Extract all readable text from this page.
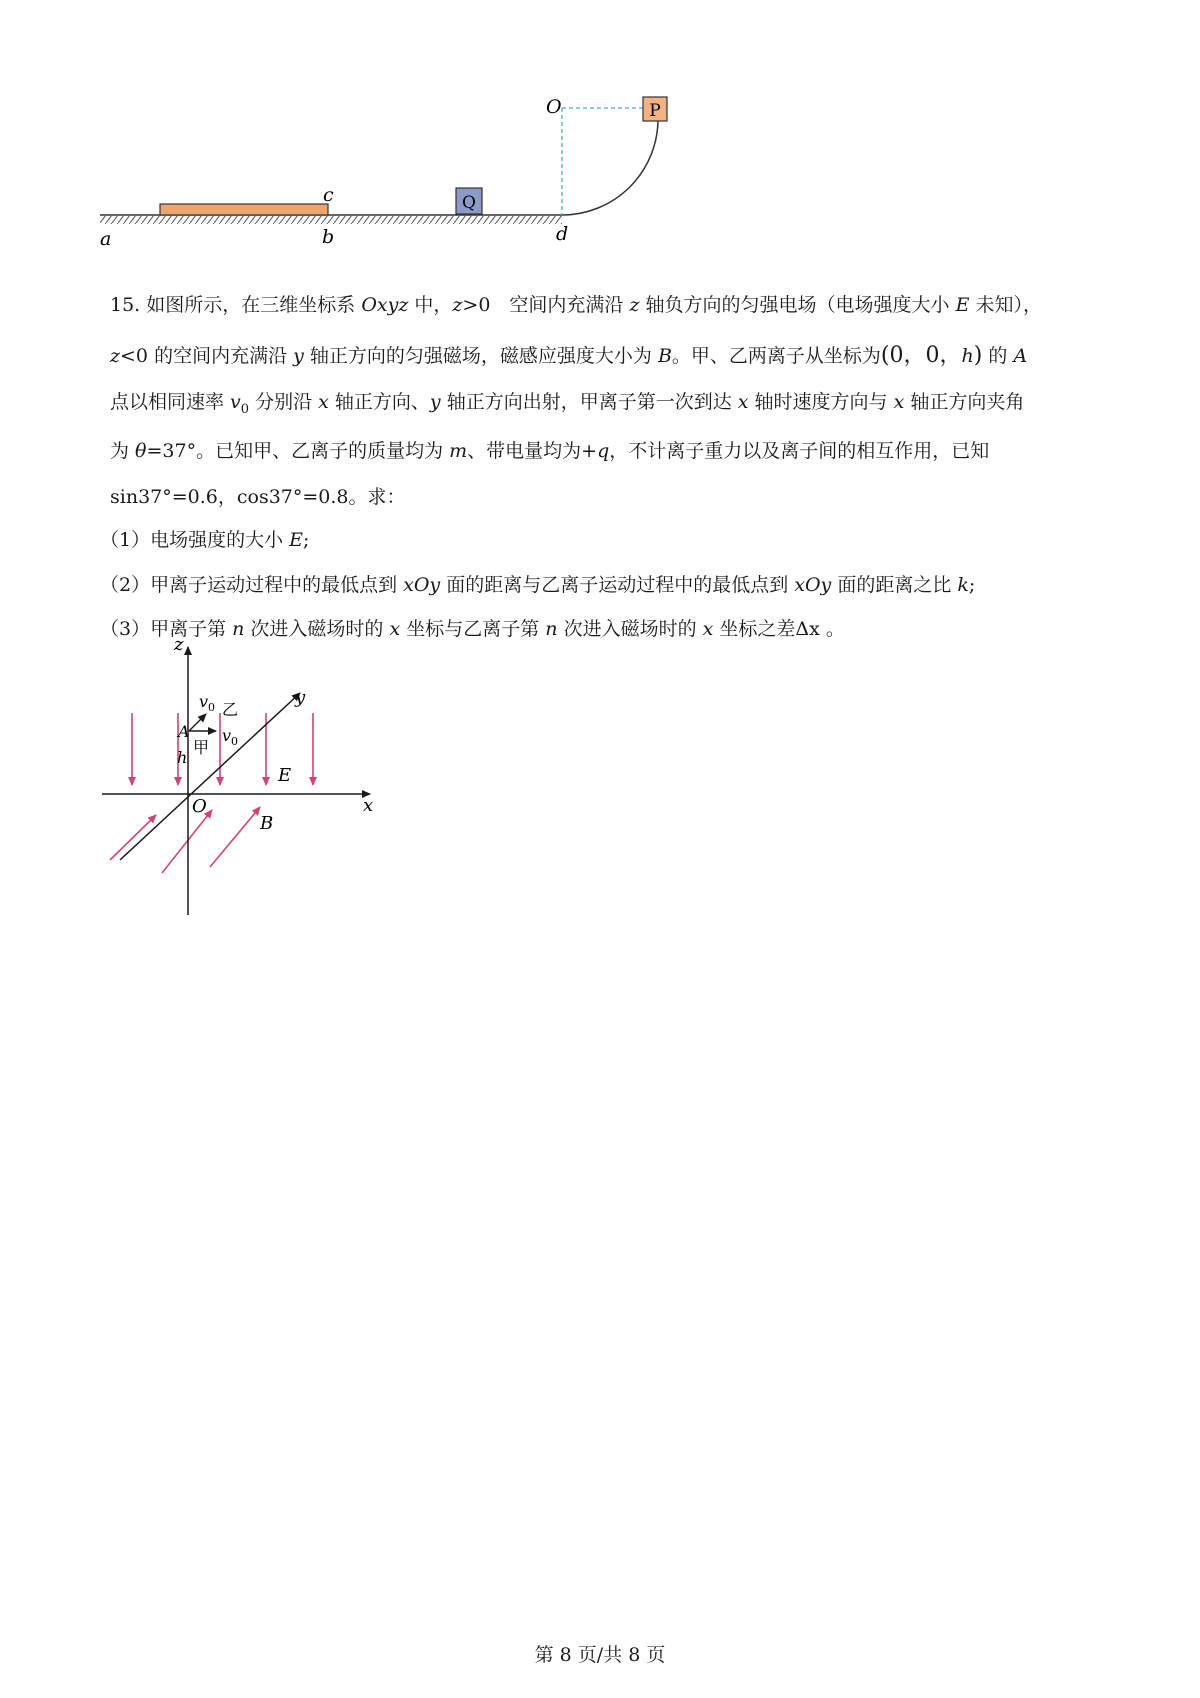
Q
P
O
a	b
c
d
15. 如图所示，在三维坐标系 Oxyz 中，z>0　空间内充满沿 z 轴负方向的匀强电场（电场强度大小 E 未知），
z<0 的空间内充满沿 y 轴正方向的匀强磁场，磁感应强度大小为 B。甲、乙两离子从坐标为(0，0，h) 的 A
点以相同速率 $v_0$ 分别沿 x 轴正方向、y 轴正方向出射，甲离子第一次到达 x 轴时速度方向与 x 轴正方向夹角
为 θ=37°。已知甲、乙离子的质量均为 m、带电量均为+q，不计离子重力以及离子间的相互作用，已知
sin37°=0.6，cos37°=0.8。求：
（1）电场强度的大小 E;
（2）甲离子运动过程中的最低点到 xOy 面的距离与乙离子运动过程中的最低点到 xOy 面的距离之比 k;
（3）甲离子第 n 次进入磁场时的 x 坐标与乙离子第 n 次进入磁场时的 x 坐标之差Δx 。
z
y
x
O
A
h
E
B
$v_0$ 乙
甲
$v_0$
第 8 页/共 8 页
